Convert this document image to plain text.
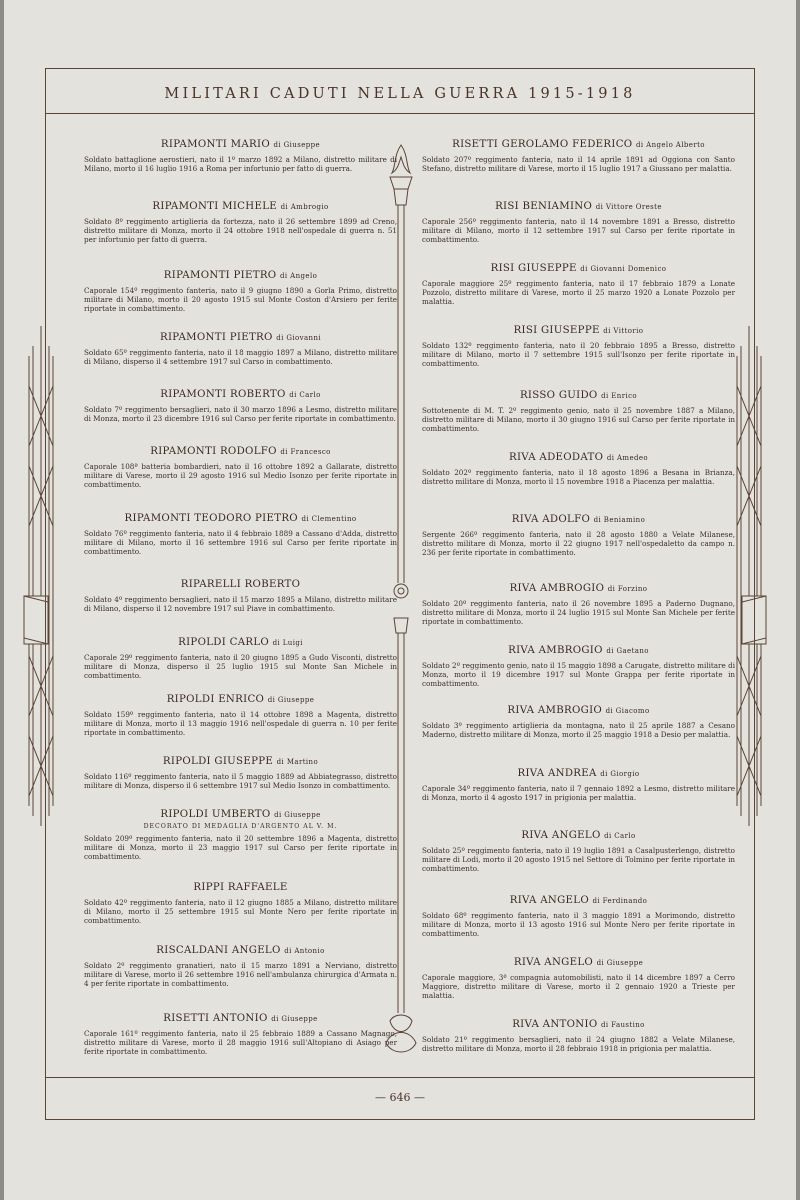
MILITARI CADUTI NELLA GUERRA 1915-1918
RIPAMONTI MARIO di Giuseppe
Soldato battaglione aerostieri, nato il 1º marzo 1892 a Milano, distretto militare di Milano, morto il 16 luglio 1916 a Roma per infortunio per fatto di guerra.
RIPAMONTI MICHELE di Ambrogio
Soldato 8º reggimento artiglieria da fortezza, nato il 26 settembre 1899 ad Creno, distretto militare di Monza, morto il 24 ottobre 1918 nell'ospedale di guerra n. 51 per infortunio per fatto di guerra.
RIPAMONTI PIETRO di Angelo
Caporale 154º reggimento fanteria, nato il 9 giugno 1890 a Gorla Primo, distretto militare di Milano, morto il 20 agosto 1915 sul Monte Coston d'Arsiero per ferite riportate in combattimento.
RIPAMONTI PIETRO di Giovanni
Soldato 65º reggimento fanteria, nato il 18 maggio 1897 a Milano, distretto militare di Milano, disperso il 4 settembre 1917 sul Carso in combattimento.
RIPAMONTI ROBERTO di Carlo
Soldato 7º reggimento bersaglieri, nato il 30 marzo 1896 a Lesmo, distretto militare di Monza, morto il 23 dicembre 1916 sul Carso per ferite riportate in combattimento.
RIPAMONTI RODOLFO di Francesco
Caporale 108ª batteria bombardieri, nato il 16 ottobre 1892 a Gallarate, distretto militare di Varese, morto il 29 agosto 1916 sul Medio Isonzo per ferite riportate in combattimento.
RIPAMONTI TEODORO PIETRO di Clementino
Soldato 76º reggimento fanteria, nato il 4 febbraio 1889 a Cassano d'Adda, distretto militare di Milano, morto il 16 settembre 1916 sul Carso per ferite riportate in combattimento.
RIPARELLI ROBERTO
Soldato 4º reggimento bersaglieri, nato il 15 marzo 1895 a Milano, distretto militare di Milano, disperso il 12 novembre 1917 sul Piave in combattimento.
RIPOLDI CARLO di Luigi
Caporale 29º reggimento fanteria, nato il 20 giugno 1895 a Gudo Visconti, distretto militare di Monza, disperso il 25 luglio 1915 sul Monte San Michele in combattimento.
RIPOLDI ENRICO di Giuseppe
Soldato 159º reggimento fanteria, nato il 14 ottobre 1898 a Magenta, distretto militare di Monza, morto il 13 maggio 1916 nell'ospedale di guerra n. 10 per ferite riportate in combattimento.
RIPOLDI GIUSEPPE di Martino
Soldato 116º reggimento fanteria, nato il 5 maggio 1889 ad Abbiategrasso, distretto militare di Monza, disperso il 6 settembre 1917 sul Medio Isonzo in combattimento.
RIPOLDI UMBERTO di Giuseppe
DECORATO DI MEDAGLIA D'ARGENTO AL V. M.
Soldato 209º reggimento fanteria, nato il 20 settembre 1896 a Magenta, distretto militare di Monza, morto il 23 maggio 1917 sul Carso per ferite riportate in combattimento.
RIPPI RAFFAELE
Soldato 42º reggimento fanteria, nato il 12 giugno 1885 a Milano, distretto militare di Milano, morto il 25 settembre 1915 sul Monte Nero per ferite riportate in combattimento.
RISCALDANI ANGELO di Antonio
Soldato 2º reggimento granatieri, nato il 15 marzo 1891 a Nerviano, distretto militare di Varese, morto il 26 settembre 1916 nell'ambulanza chirurgica d'Armata n. 4 per ferite riportate in combattimento.
RISETTI ANTONIO di Giuseppe
Caporale 161º reggimento fanteria, nato il 25 febbraio 1889 a Cassano Magnago, distretto militare di Varese, morto il 28 maggio 1916 sull'Altopiano di Asiago per ferite riportate in combattimento.
RISETTI GEROLAMO FEDERICO di Angelo Alberto
Soldato 207º reggimento fanteria, nato il 14 aprile 1891 ad Oggiona con Santo Stefano, distretto militare di Varese, morto il 15 luglio 1917 a Giussano per malattia.
RISI BENIAMINO di Vittore Oreste
Caporale 256º reggimento fanteria, nato il 14 novembre 1891 a Bresso, distretto militare di Milano, morto il 12 settembre 1917 sul Carso per ferite riportate in combattimento.
RISI GIUSEPPE di Giovanni Domenico
Caporale maggiore 25º reggimento fanteria, nato il 17 febbraio 1879 a Lonate Pozzolo, distretto militare di Varese, morto il 25 marzo 1920 a Lonate Pozzolo per malattia.
RISI GIUSEPPE di Vittorio
Soldato 132º reggimento fanteria, nato il 20 febbraio 1895 a Bresso, distretto militare di Milano, morto il 7 settembre 1915 sull'Isonzo per ferite riportate in combattimento.
RISSO GUIDO di Enrico
Sottotenente di M. T. 2º reggimento genio, nato il 25 novembre 1887 a Milano, distretto militare di Milano, morto il 30 giugno 1916 sul Carso per ferite riportate in combattimento.
RIVA ADEODATO di Amedeo
Soldato 202º reggimento fanteria, nato il 18 agosto 1896 a Besana in Brianza, distretto militare di Monza, morto il 15 novembre 1918 a Piacenza per malattia.
RIVA ADOLFO di Beniamino
Sergente 266º reggimento fanteria, nato il 28 agosto 1880 a Velate Milanese, distretto militare di Monza, morto il 22 giugno 1917 nell'ospedaletto da campo n. 236 per ferite riportate in combattimento.
RIVA AMBROGIO di Forzino
Soldato 20º reggimento fanteria, nato il 26 novembre 1895 a Paderno Dugnano, distretto militare di Monza, morto il 24 luglio 1915 sul Monte San Michele per ferite riportate in combattimento.
RIVA AMBROGIO di Gaetano
Soldato 2º reggimento genio, nato il 15 maggio 1898 a Carugate, distretto militare di Monza, morto il 19 dicembre 1917 sul Monte Grappa per ferite riportate in combattimento.
RIVA AMBROGIO di Giacomo
Soldato 3º reggimento artiglieria da montagna, nato il 25 aprile 1887 a Cesano Maderno, distretto militare di Monza, morto il 25 maggio 1918 a Desio per malattia.
RIVA ANDREA di Giorgio
Caporale 34º reggimento fanteria, nato il 7 gennaio 1892 a Lesmo, distretto militare di Monza, morto il 4 agosto 1917 in prigionia per malattia.
RIVA ANGELO di Carlo
Soldato 25º reggimento fanteria, nato il 19 luglio 1891 a Casalpusterlengo, distretto militare di Lodi, morto il 20 agosto 1915 nel Settore di Tolmino per ferite riportate in combattimento.
RIVA ANGELO di Ferdinando
Soldato 68º reggimento fanteria, nato il 3 maggio 1891 a Morimondo, distretto militare di Monza, morto il 13 agosto 1916 sul Monte Nero per ferite riportate in combattimento.
RIVA ANGELO di Giuseppe
Caporale maggiore, 3ª compagnia automobilisti, nato il 14 dicembre 1897 a Cerro Maggiore, distretto militare di Varese, morto il 2 gennaio 1920 a Trieste per malattia.
RIVA ANTONIO di Faustino
Soldato 21º reggimento bersaglieri, nato il 24 giugno 1882 a Velate Milanese, distretto militare di Monza, morto il 28 febbraio 1918 in prigionia per malattia.
— 646 —
